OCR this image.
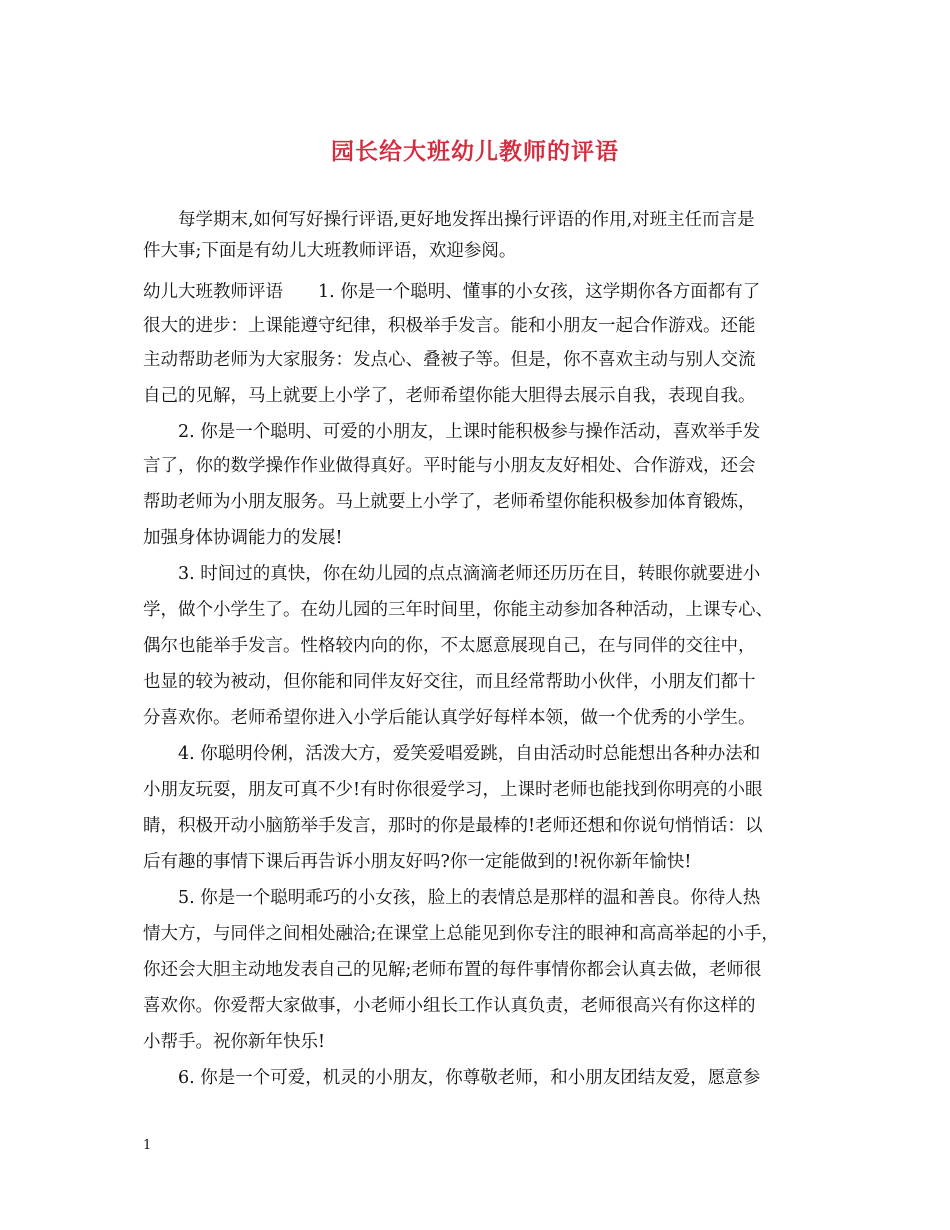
园长给大班幼儿教师的评语

　　每学期末,如何写好操行评语,更好地发挥出操行评语的作用,对班主任而言是

件大事;下面是有幼儿大班教师评语，欢迎参阅。

幼儿大班教师评语　　1. 你是一个聪明、懂事的小女孩，这学期你各方面都有了

很大的进步：上课能遵守纪律，积极举手发言。能和小朋友一起合作游戏。还能

主动帮助老师为大家服务：发点心、叠被子等。但是，你不喜欢主动与别人交流

自己的见解，马上就要上小学了，老师希望你能大胆得去展示自我，表现自我。

　　2. 你是一个聪明、可爱的小朋友，上课时能积极参与操作活动，喜欢举手发

言了，你的数学操作作业做得真好。平时能与小朋友友好相处、合作游戏，还会

帮助老师为小朋友服务。马上就要上小学了，老师希望你能积极参加体育锻炼，

加强身体协调能力的发展!

　　3. 时间过的真快，你在幼儿园的点点滴滴老师还历历在目，转眼你就要进小

学，做个小学生了。在幼儿园的三年时间里，你能主动参加各种活动，上课专心、

偶尔也能举手发言。性格较内向的你，不太愿意展现自己，在与同伴的交往中，

也显的较为被动，但你能和同伴友好交往，而且经常帮助小伙伴，小朋友们都十

分喜欢你。老师希望你进入小学后能认真学好每样本领，做一个优秀的小学生。

　　4. 你聪明伶俐，活泼大方，爱笑爱唱爱跳，自由活动时总能想出各种办法和

小朋友玩耍，朋友可真不少!有时你很爱学习，上课时老师也能找到你明亮的小眼

睛，积极开动小脑筋举手发言，那时的你是最棒的!老师还想和你说句悄悄话：以

后有趣的事情下课后再告诉小朋友好吗?你一定能做到的!祝你新年愉快!

　　5. 你是一个聪明乖巧的小女孩，脸上的表情总是那样的温和善良。你待人热

情大方，与同伴之间相处融洽;在课堂上总能见到你专注的眼神和高高举起的小手，

你还会大胆主动地发表自己的见解;老师布置的每件事情你都会认真去做，老师很

喜欢你。你爱帮大家做事，小老师小组长工作认真负责，老师很高兴有你这样的

小帮手。祝你新年快乐!

　　6. 你是一个可爱，机灵的小朋友，你尊敬老师，和小朋友团结友爱，愿意参

1
